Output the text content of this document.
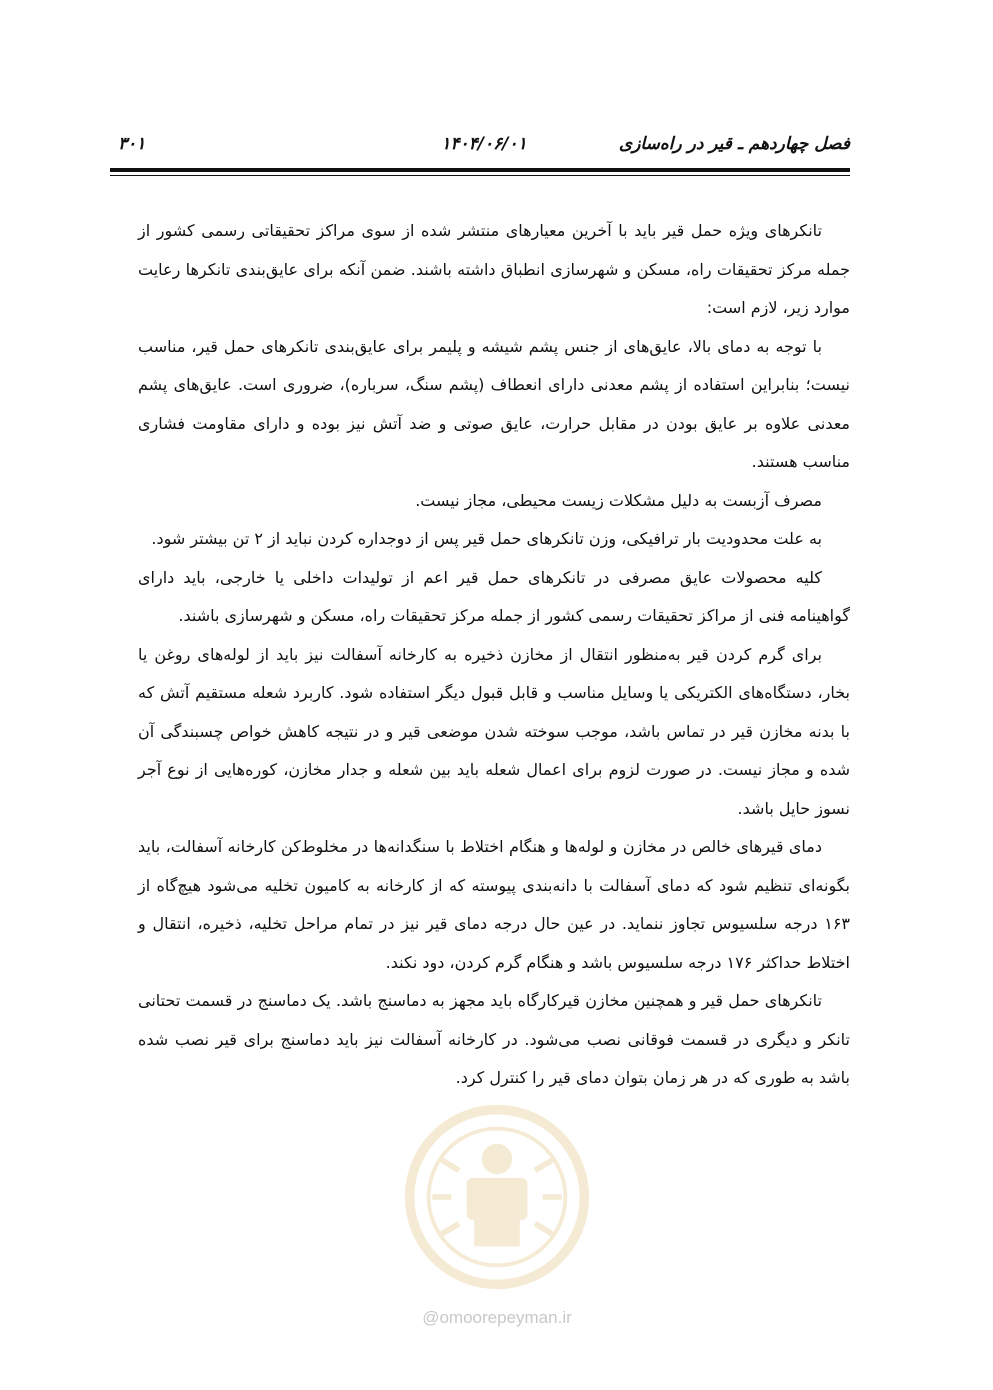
فصل چهاردهم ـ قیر در راه‌سازی
۱۴۰۴/۰۶/۰۱
۳۰۱
@omoorepeyman.ir

تانکرهای ویژه حمل قیر باید با آخرین معیارهای منتشر شده از سوی مراکز تحقیقاتی رسمی کشور از جمله مرکز تحقیقات راه، مسکن و شهرسازی انطباق داشته باشند. ضمن آنکه برای عایق‌بندی تانکرها رعایت موارد زیر، لازم است:

با توجه به دمای بالا، عایق‌های از جنس پشم شیشه و پلیمر برای عایق‌بندی تانکرهای حمل قیر، مناسب نیست؛ بنابراین استفاده از پشم معدنی دارای انعطاف (پشم سنگ، سرباره)، ضروری است. عایق‌های پشم معدنی علاوه بر عایق بودن در مقابل حرارت، عایق صوتی و ضد آتش نیز بوده و دارای مقاومت فشاری مناسب هستند.

مصرف آزبست به دلیل مشکلات زیست محیطی، مجاز نیست.

به علت محدودیت بار ترافیکی، وزن تانکرهای حمل قیر پس از دوجداره کردن نباید از ۲ تن بیشتر شود.

کلیه محصولات عایق مصرفی در تانکرهای حمل قیر اعم از تولیدات داخلی یا خارجی، باید دارای گواهینامه فنی از مراکز تحقیقات رسمی کشور از جمله مرکز تحقیقات راه، مسکن و شهرسازی باشند.

برای گرم کردن قیر به‌منظور انتقال از مخازن ذخیره به کارخانه آسفالت نیز باید از لوله‌های روغن یا بخار، دستگاه‌های الکتریکی یا وسایل مناسب و قابل قبول دیگر استفاده شود. کاربرد شعله مستقیم آتش که با بدنه مخازن قیر در تماس باشد، موجب سوخته شدن موضعی قیر و در نتیجه کاهش خواص چسبندگی آن شده و مجاز نیست. در صورت لزوم برای اعمال شعله باید بین شعله و جدار مخازن، کوره‌هایی از نوع آجر نسوز حایل باشد.

دمای قیرهای خالص در مخازن و لوله‌ها و هنگام اختلاط با سنگدانه‌ها در مخلوط‌کن کارخانه آسفالت، باید بگونه‌ای تنظیم شود که دمای آسفالت با دانه‌بندی پیوسته که از کارخانه به کامیون تخلیه می‌شود هیچ‌گاه از ۱۶۳ درجه سلسیوس تجاوز ننماید. در عین حال درجه دمای قیر نیز در تمام مراحل تخلیه، ذخیره، انتقال و اختلاط حداکثر ۱۷۶ درجه سلسیوس باشد و هنگام گرم کردن، دود نکند.

تانکرهای حمل قیر و همچنین مخازن قیرکارگاه باید مجهز به دماسنج باشد. یک دماسنج در قسمت تحتانی تانکر و دیگری در قسمت فوقانی نصب می‌شود. در کارخانه آسفالت نیز باید دماسنج برای قیر نصب شده باشد به طوری که در هر زمان بتوان دمای قیر را کنترل کرد.
